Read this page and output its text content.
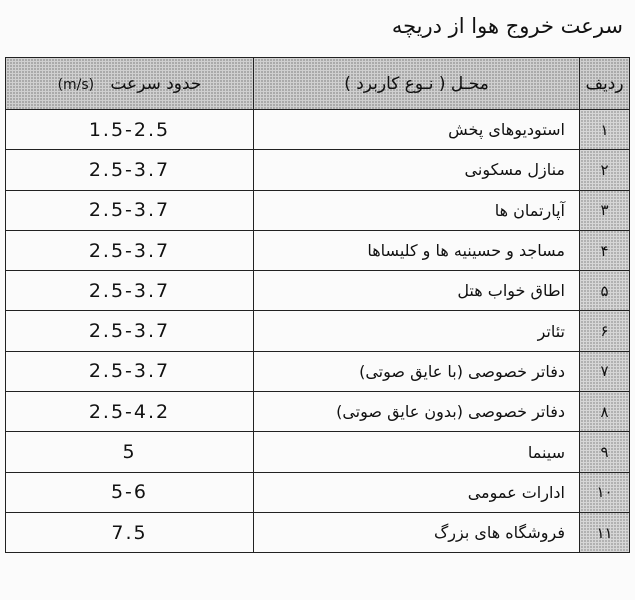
سرعت خروج هوا از دریچه
ردیف	محـل ( نـوع کاربرد )	حدود سرعت   (m/s)
۱	استودیوهای پخش	1.5-2.5
۲	منازل مسکونی	2.5-3.7
۳	آپارتمان ها	2.5-3.7
۴	مساجد و حسینیه ها و کلیساها	2.5-3.7
۵	اطاق خواب هتل	2.5-3.7
۶	تئاتر	2.5-3.7
۷	دفاتر خصوصی (با عایق صوتی)	2.5-3.7
۸	دفاتر خصوصی (بدون عایق صوتی)	2.5-4.2
۹	سینما	5
۱۰	ادارات عمومی	5-6
۱۱	فروشگاه های بزرگ	7.5
